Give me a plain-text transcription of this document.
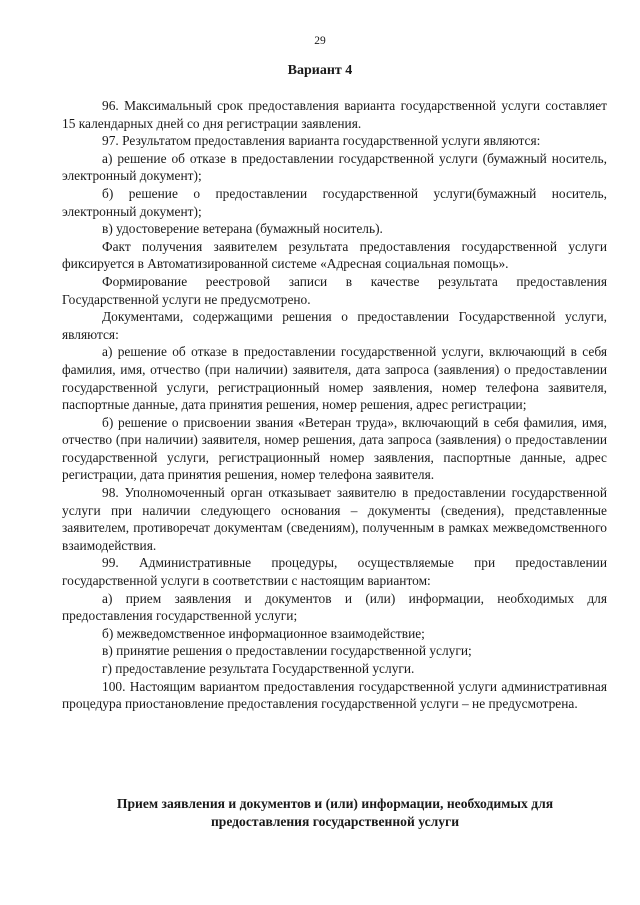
29
Вариант 4

96. Максимальный срок предоставления варианта государственной услуги составляет 15 календарных дней со дня регистрации заявления.

97. Результатом предоставления варианта государственной услуги являются:

а) решение об отказе в предоставлении государственной услуги (бумажный носитель, электронный документ);

б) решение о предоставлении государственной услуги(бумажный носитель, электронный документ);

в) удостоверение ветерана (бумажный носитель).

Факт получения заявителем результата предоставления государственной услуги фиксируется в Автоматизированной системе «Адресная социальная помощь».

Формирование реестровой записи в качестве результата предоставления Государственной услуги не предусмотрено.

Документами, содержащими решения о предоставлении Государственной услуги, являются:

а) решение об отказе в предоставлении государственной услуги, включающий в себя фамилия, имя, отчество (при наличии) заявителя, дата запроса (заявления) о предоставлении государственной услуги, регистрационный номер заявления, номер телефона заявителя, паспортные данные, дата принятия решения, номер решения, адрес регистрации;

б) решение о присвоении звания «Ветеран труда», включающий в себя фамилия, имя, отчество (при наличии) заявителя, номер решения, дата запроса (заявления) о предоставлении государственной услуги, регистрационный номер заявления, паспортные данные, адрес регистрации, дата принятия решения, номер телефона заявителя.

98. Уполномоченный орган отказывает заявителю в предоставлении государственной услуги при наличии следующего основания – документы (сведения), представленные заявителем, противоречат документам (сведениям), полученным в рамках межведомственного взаимодействия.

99. Административные процедуры, осуществляемые при предоставлении государственной услуги в соответствии с настоящим вариантом:

а) прием заявления и документов и (или) информации, необходимых для предоставления государственной услуги;

б) межведомственное информационное взаимодействие;

в) принятие решения о предоставлении государственной услуги;

г) предоставление результата Государственной услуги.

100. Настоящим вариантом предоставления государственной услуги административная процедура приостановление предоставления государственной услуги – не предусмотрена.

Прием заявления и документов и (или) информации, необходимых для предоставления государственной услуги
